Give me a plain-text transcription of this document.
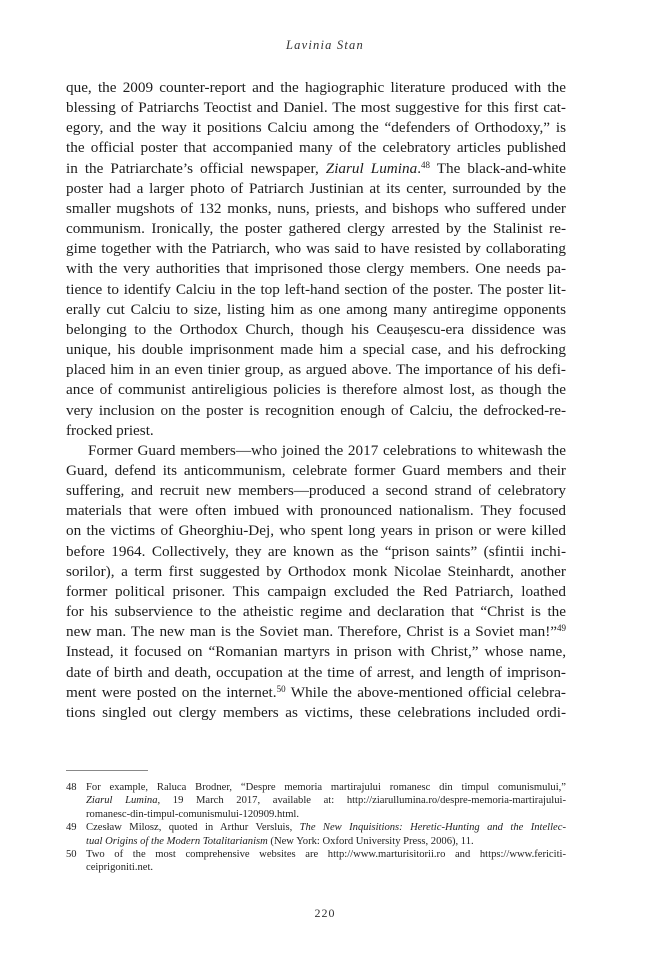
Lavinia Stan
que, the 2009 counter-report and the hagiographic literature produced with the
blessing of Patriarchs Teoctist and Daniel. The most suggestive for this first cat-
egory, and the way it positions Calciu among the “defenders of Orthodoxy,” is
the official poster that accompanied many of the celebratory articles published
in the Patriarchate’s official newspaper, Ziarul Lumina.$^{48}$ The black-and-white
poster had a larger photo of Patriarch Justinian at its center, surrounded by the
smaller mugshots of 132 monks, nuns, priests, and bishops who suffered under
communism. Ironically, the poster gathered clergy arrested by the Stalinist re-
gime together with the Patriarch, who was said to have resisted by collaborating
with the very authorities that imprisoned those clergy members. One needs pa-
tience to identify Calciu in the top left-hand section of the poster. The poster lit-
erally cut Calciu to size, listing him as one among many antiregime opponents
belonging to the Orthodox Church, though his Ceaușescu-era dissidence was
unique, his double imprisonment made him a special case, and his defrocking
placed him in an even tinier group, as argued above. The importance of his defi-
ance of communist antireligious policies is therefore almost lost, as though the
very inclusion on the poster is recognition enough of Calciu, the defrocked-re-
frocked priest.
Former Guard members—who joined the 2017 celebrations to whitewash the
Guard, defend its anticommunism, celebrate former Guard members and their
suffering, and recruit new members—produced a second strand of celebratory
materials that were often imbued with pronounced nationalism. They focused
on the victims of Gheorghiu-Dej, who spent long years in prison or were killed
before 1964. Collectively, they are known as the “prison saints” (sfintii inchi-
sorilor), a term first suggested by Orthodox monk Nicolae Steinhardt, another
former political prisoner. This campaign excluded the Red Patriarch, loathed
for his subservience to the atheistic regime and declaration that “Christ is the
new man. The new man is the Soviet man. Therefore, Christ is a Soviet man!”$^{49}$
Instead, it focused on “Romanian martyrs in prison with Christ,” whose name,
date of birth and death, occupation at the time of arrest, and length of imprison-
ment were posted on the internet.$^{50}$ While the above-mentioned official celebra-
tions singled out clergy members as victims, these celebrations included ordi-
48 For example, Raluca Brodner, “Despre memoria martirajului romanesc din timpul comunismului,”
Ziarul Lumina, 19 March 2017, available at: http://ziarullumina.ro/despre-memoria-martirajului-
romanesc-din-timpul-comunismului-120909.html.
49 Czesław Milosz, quoted in Arthur Versluis, The New Inquisitions: Heretic-Hunting and the Intellec-
tual Origins of the Modern Totalitarianism (New York: Oxford University Press, 2006), 11.
50 Two of the most comprehensive websites are http://www.marturisitorii.ro and https://www.fericiti-
ceiprigoniti.net.
220
